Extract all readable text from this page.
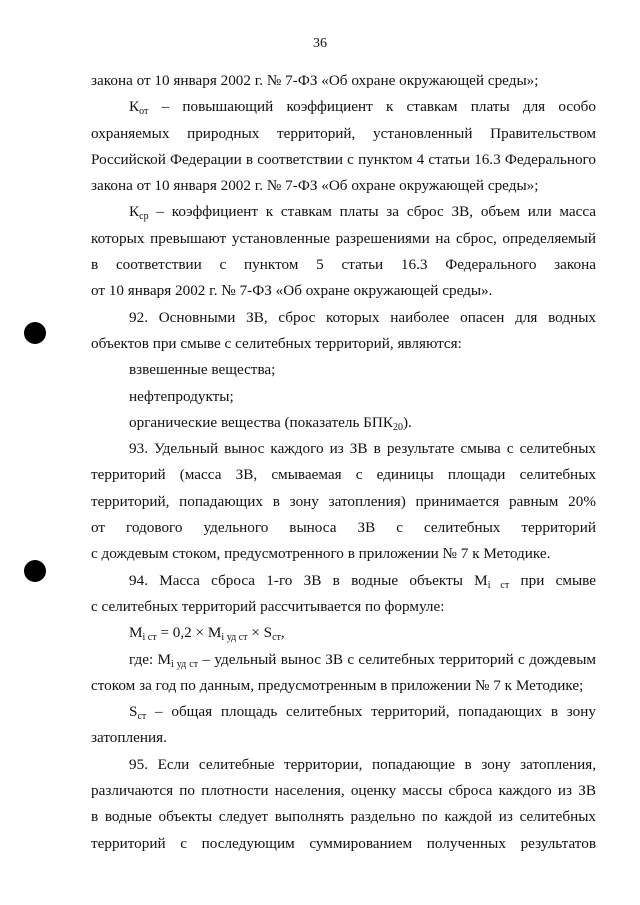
36

закона от 10 января 2002 г. № 7-ФЗ «Об охране окружающей среды»;

$К_{от}$ – повышающий коэффициент к ставкам платы для особо

охраняемых природных территорий, установленный Правительством

Российской Федерации в соответствии с пунктом 4 статьи 16.3 Федерального

закона от 10 января 2002 г. № 7-ФЗ «Об охране окружающей среды»;

$К_{ср}$ – коэффициент к ставкам платы за сброс ЗВ, объем или масса

которых превышают установленные разрешениями на сброс, определяемый

в соответствии с пунктом 5 статьи 16.3 Федерального закона

от 10 января 2002 г. № 7-ФЗ «Об охране окружающей среды».

92. Основными ЗВ, сброс которых наиболее опасен для водных

объектов при смыве с селитебных территорий, являются:

взвешенные вещества;

нефтепродукты;

органические вещества (показатель $БПК_{20}$).

93. Удельный вынос каждого из ЗВ в результате смыва с селитебных

территорий (масса ЗВ, смываемая с единицы площади селитебных

территорий, попадающих в зону затопления) принимается равным 20%

от годового удельного выноса ЗВ с селитебных территорий

с дождевым стоком, предусмотренного в приложении № 7 к Методике.

94. Масса сброса 1-го ЗВ в водные объекты $M_{i ст}$ при смыве

с селитебных территорий рассчитывается по формуле:

$M_{i ст} = 0,2 \times M_{i уд ст} \times S_{ст}$,

где: $M_{i уд ст}$ – удельный вынос ЗВ с селитебных территорий с дождевым

стоком за год по данным, предусмотренным в приложении № 7 к Методике;

$S_{ст}$ – общая площадь селитебных территорий, попадающих в зону

затопления.

95. Если селитебные территории, попадающие в зону затопления,

различаются по плотности населения, оценку массы сброса каждого из ЗВ

в водные объекты следует выполнять раздельно по каждой из селитебных

территорий с последующим суммированием полученных результатов
